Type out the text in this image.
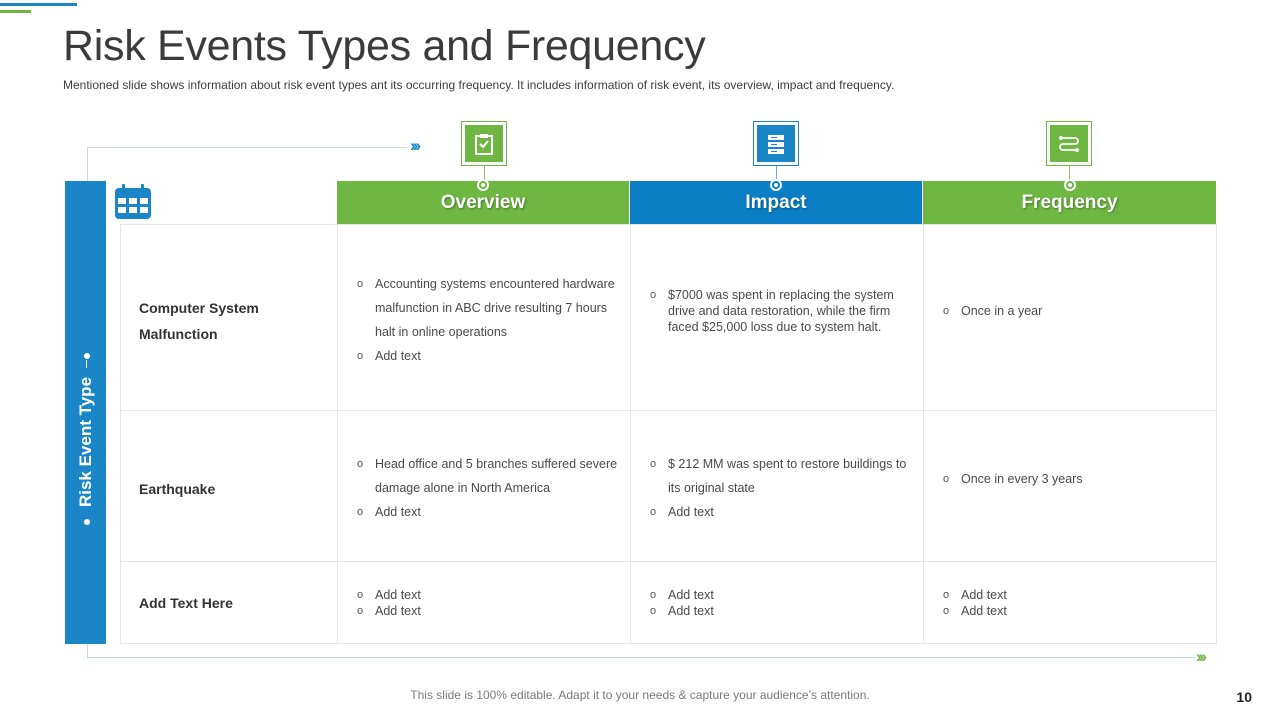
Risk Events Types and Frequency

Mentioned slide shows information about risk event types ant its occurring frequency. It includes information of risk event, its overview, impact and frequency.

›››
›››
Risk Event Type
Overview	Impact	Frequency
Computer System Malfunction
o Accounting systems encountered hardware malfunction in ABC drive resulting 7 hours halt in online operations
o Add text
o $7000 was spent in replacing the system drive and data restoration, while the firm faced $25,000 loss due to system halt.
o Once in a year
Earthquake
o Head office and 5 branches suffered severe damage alone in North America
o Add text
o $ 212 MM was spent to restore buildings to its original state
o Add text
o Once in every 3 years
Add Text Here
o	Add text
o Add text
o Add text
o Add text
o Add text
o Add text
This slide is 100% editable. Adapt it to your needs & capture your audience’s attention.	10
